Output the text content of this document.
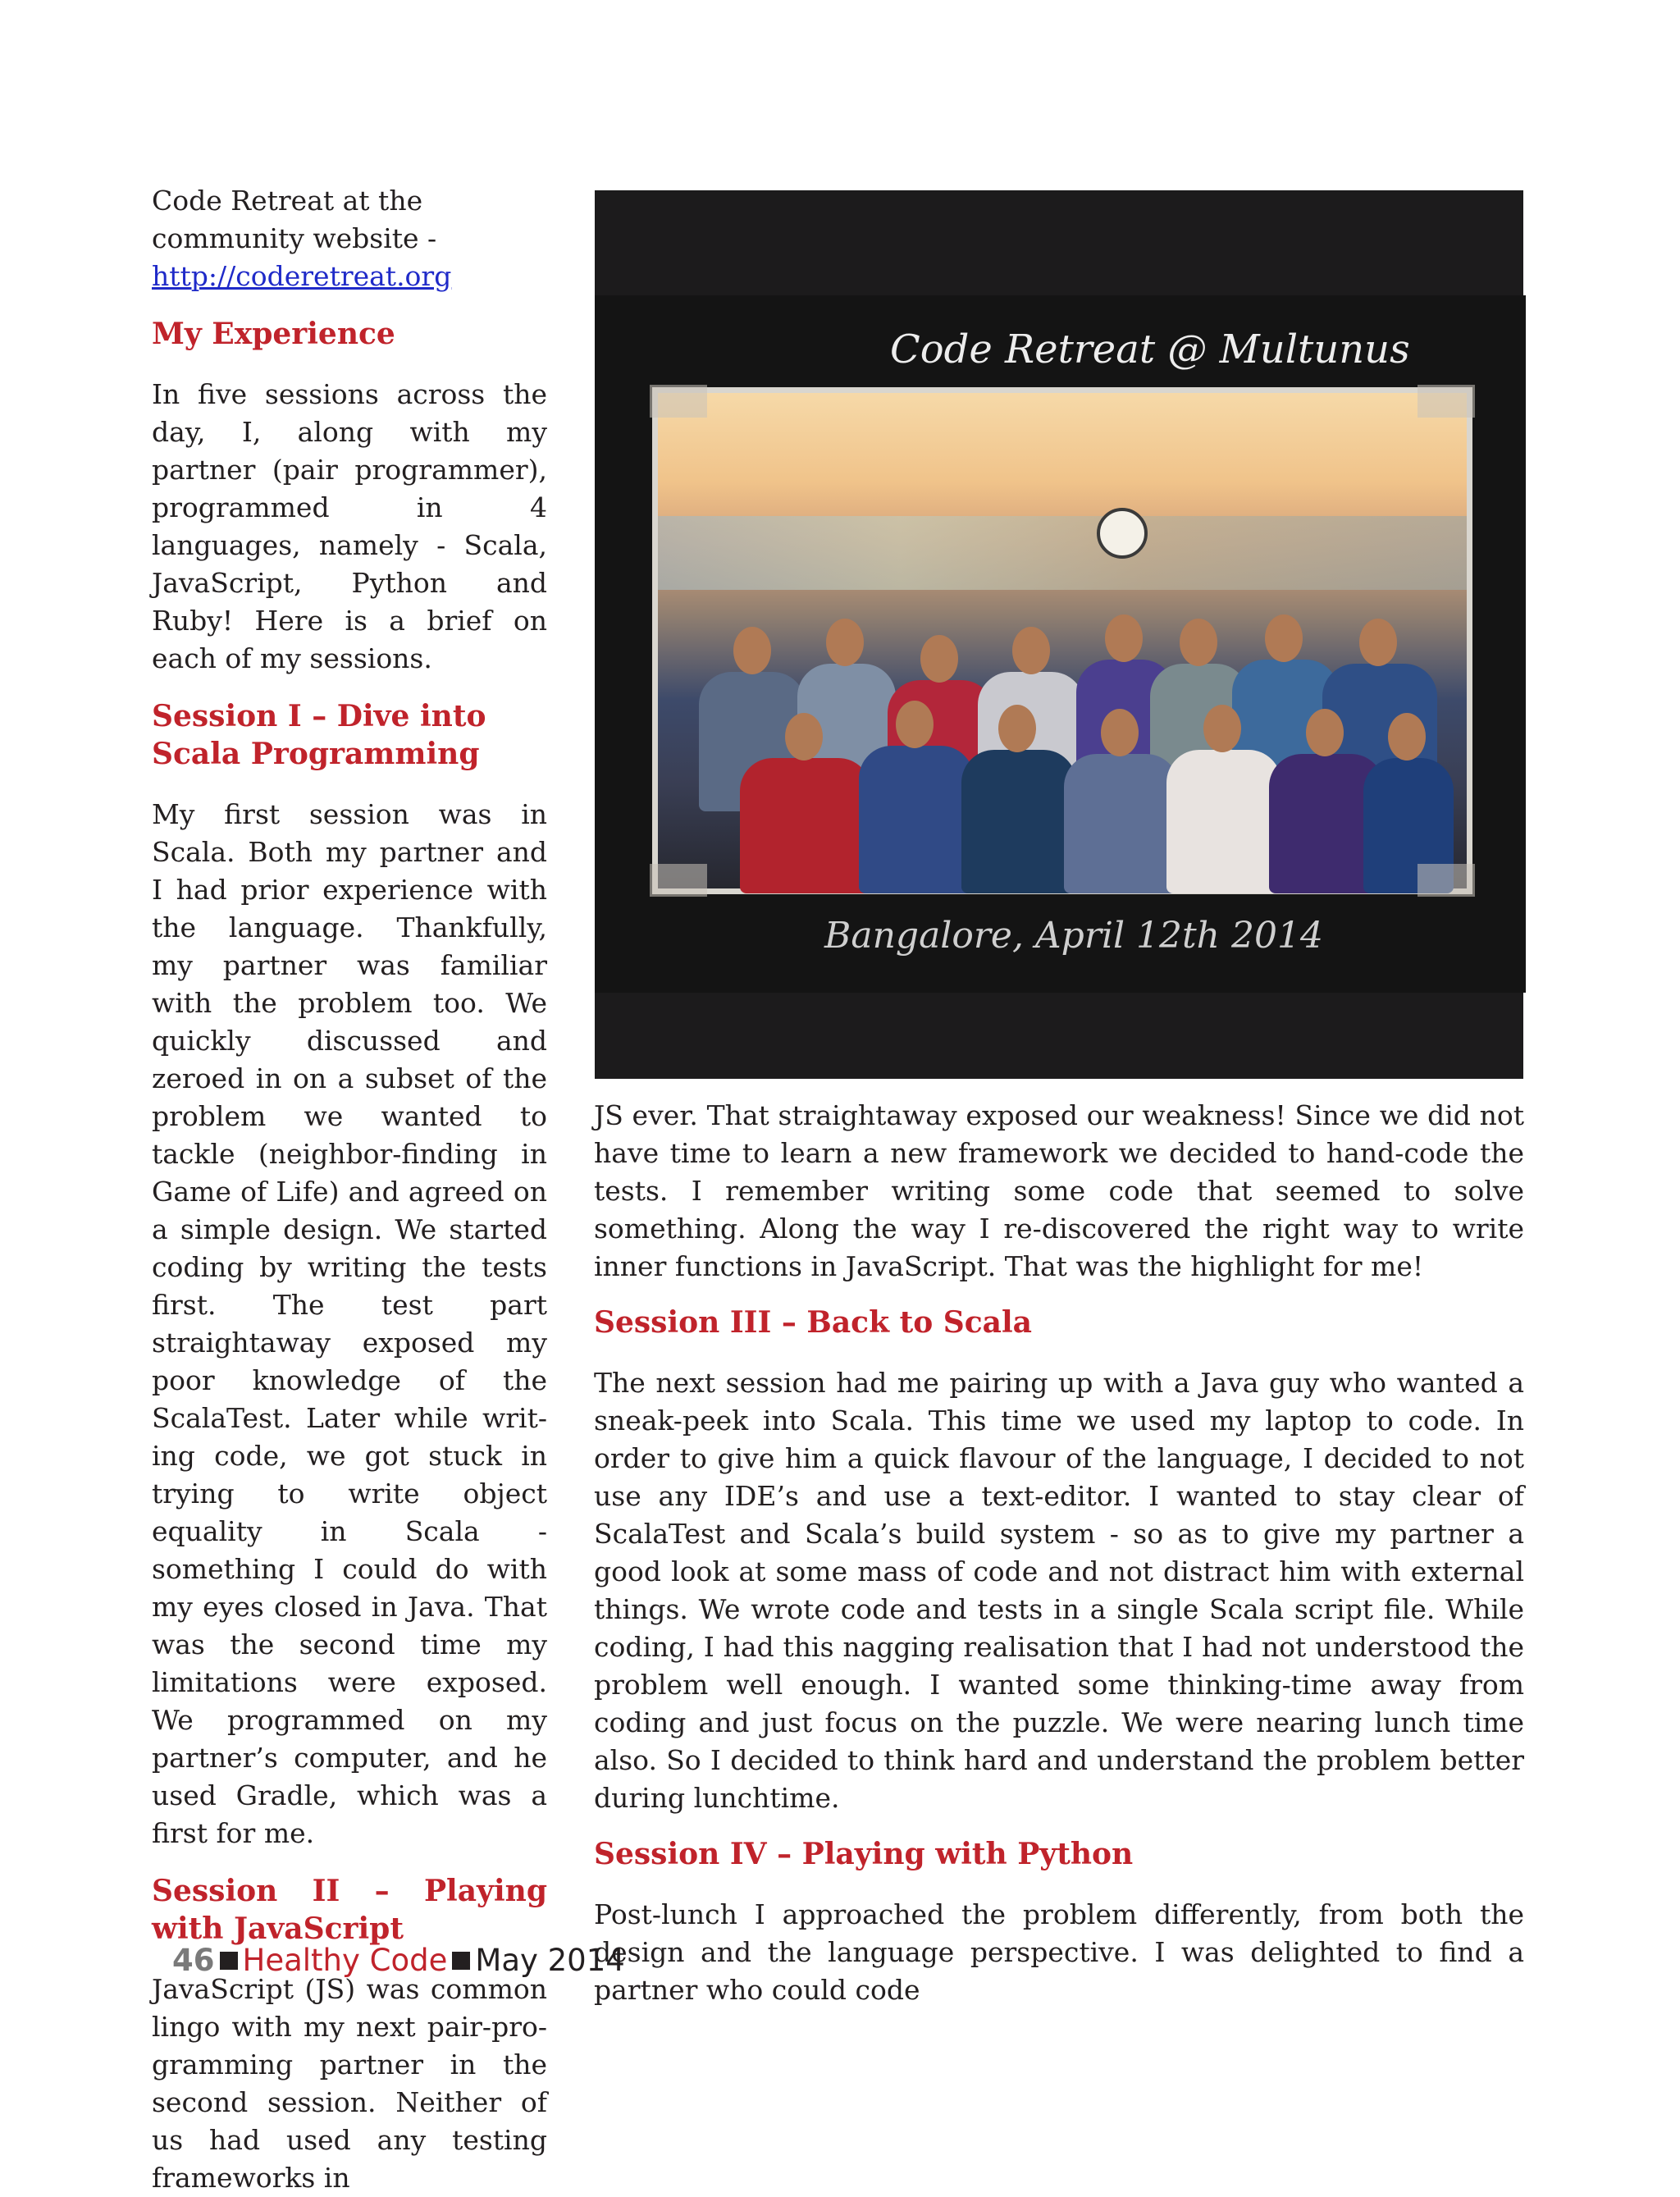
Code Retreat at the community website - http://coderetreat.org

My Experience

In five sessions across the day, I, along with my partner (pair programmer), programmed in 4 languages, namely - Scala, JavaScript, Python and Ruby! Here is a brief on each of my sessions.

Session I – Dive into Scala Programming

My first session was in Scala. Both my partner and I had prior experience with the language. Thankfully, my partner was familiar with the problem too. We quickly discussed and zeroed in on a subset of the problem we wanted to tackle (neighbor-finding in Game of Life) and agreed on a simple design. We started coding by writing the tests first. The test part straightaway exposed my poor knowledge of the ScalaTest. Later while writing code, we got stuck in trying to write object equality in Scala - something I could do with my eyes closed in Java. That was the second time my limitations were exposed. We programmed on my partner’s computer, and he used Gradle, which was a first for me.

Session II – Playing with JavaScript

JavaScript (JS) was common lingo with my next pair-programming partner in the second session. Neither of us had used any testing frameworks in

Code Retreat @ Multunus
Bangalore, April 12th 2014

JS ever. That straightaway exposed our weakness! Since we did not have time to learn a new framework we decided to hand-code the tests. I remember writing some code that seemed to solve something. Along the way I re-discovered the right way to write inner functions in JavaScript. That was the highlight for me!

Session III – Back to Scala

The next session had me pairing up with a Java guy who wanted a sneak-peek into Scala. This time we used my laptop to code. In order to give him a quick flavour of the language, I decided to not use any IDE’s and use a text-editor. I wanted to stay clear of ScalaTest and Scala’s build system - so as to give my partner a good look at some mass of code and not distract him with external things. We wrote code and tests in a single Scala script file. While coding, I had this nagging realisation that I had not understood the problem well enough. I wanted some thinking-time away from coding and just focus on the puzzle. We were nearing lunch time also. So I decided to think hard and understand the problem better during lunchtime.

Session IV – Playing with Python

Post-lunch I approached the problem differently, from both the design and the language perspective. I was delighted to find a partner who could code

46 Healthy Code May 2014
